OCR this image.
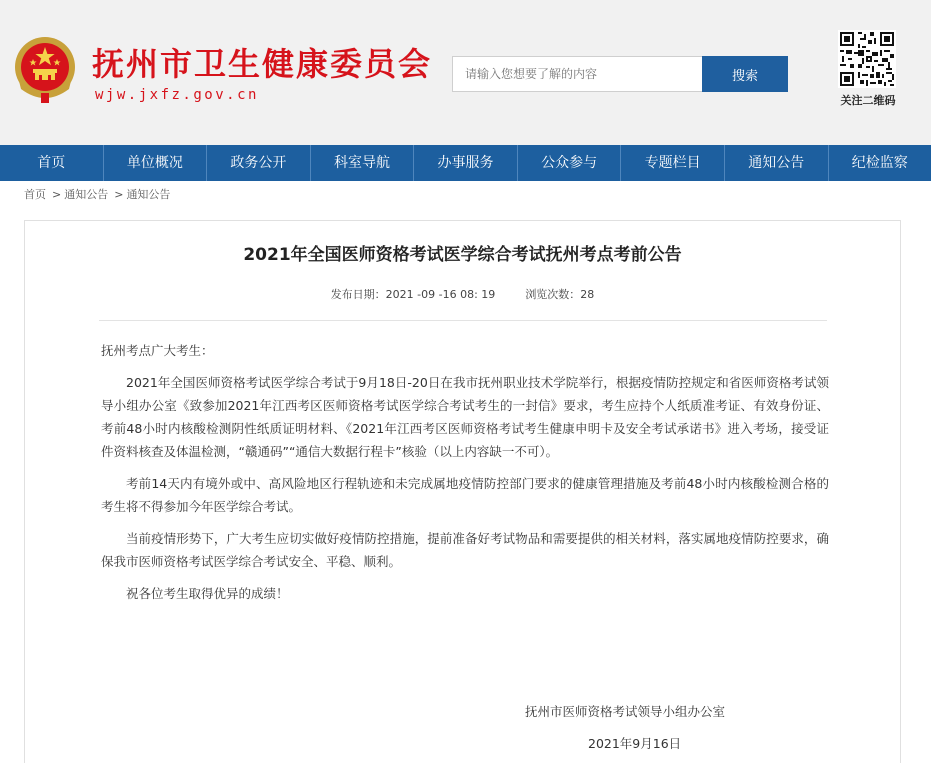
抚州市卫生健康委员会
wjw.jxfz.gov.cn
请输入您想要了解的内容
搜索
关注二维码
首页	单位概况	政务公开	科室导航	办事服务	公众参与	专题栏目	通知公告	纪检监察
首页 > 通知公告 > 通知公告
2021年全国医师资格考试医学综合考试抚州考点考前公告
发布日期：2021 -09 -16 08: 19	浏览次数：28

抚州考点广大考生：

2021年全国医师资格考试医学综合考试于9月18日-20日在我市抚州职业技术学院举行，根据疫情防控规定和省医师资格考试领导小组办公室《致参加2021年江西考区医师资格考试医学综合考试考生的一封信》要求，考生应持个人纸质准考证、有效身份证、考前48小时内核酸检测阴性纸质证明材料、《2021年江西考区医师资格考试考生健康申明卡及安全考试承诺书》进入考场，接受证件资料核查及体温检测，“赣通码”“通信大数据行程卡”核验（以上内容缺一不可）。

考前14天内有境外或中、高风险地区行程轨迹和未完成属地疫情防控部门要求的健康管理措施及考前48小时内核酸检测合格的考生将不得参加今年医学综合考试。

当前疫情形势下，广大考生应切实做好疫情防控措施，提前准备好考试物品和需要提供的相关材料，落实属地疫情防控要求，确保我市医师资格考试医学综合考试安全、平稳、顺利。

祝各位考生取得优异的成绩！

抚州市医师资格考试领导小组办公室
2021年9月16日
